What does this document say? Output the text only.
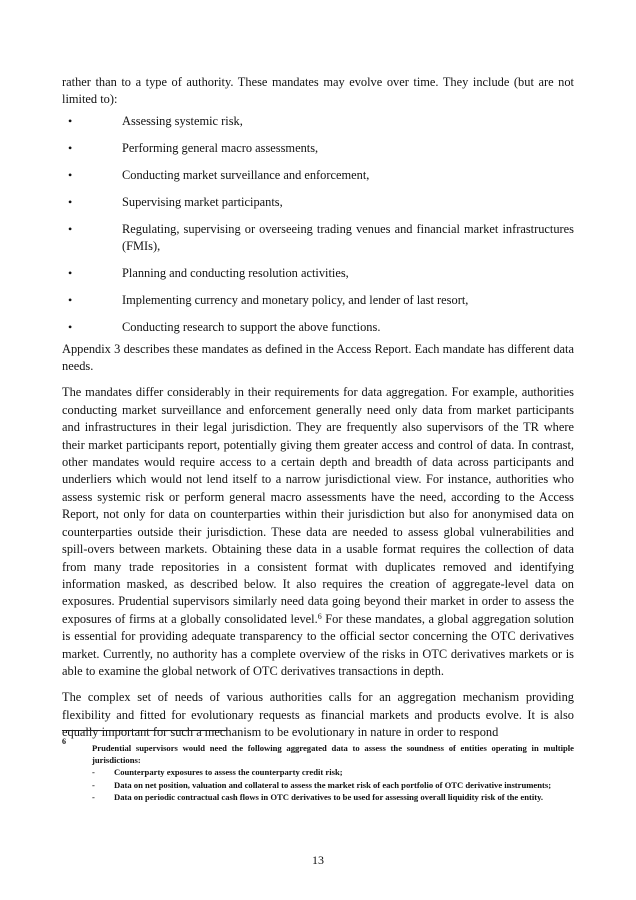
rather than to a type of authority. These mandates may evolve over time. They include (but are not limited to):

•	Assessing systemic risk,
•	Performing general macro assessments,
•	Conducting market surveillance and enforcement,
•	Supervising market participants,
•	Regulating, supervising or overseeing trading venues and financial market infrastructures (FMIs),
•	Planning and conducting resolution activities,
•	Implementing currency and monetary policy, and lender of last resort,
•	Conducting research to support the above functions.

Appendix 3 describes these mandates as defined in the Access Report. Each mandate has different data needs.

The mandates differ considerably in their requirements for data aggregation. For example, authorities conducting market surveillance and enforcement generally need only data from market participants and infrastructures in their legal jurisdiction. They are frequently also supervisors of the TR where their market participants report, potentially giving them greater access and control of data. In contrast, other mandates would require access to a certain depth and breadth of data across participants and underliers which would not lend itself to a narrow jurisdictional view. For instance, authorities who assess systemic risk or perform general macro assessments have the need, according to the Access Report, not only for data on counterparties within their jurisdiction but also for anonymised data on counterparties outside their jurisdiction. These data are needed to assess global vulnerabilities and spill-overs between markets. Obtaining these data in a usable format requires the collection of data from many trade repositories in a consistent format with duplicates removed and identifying information masked, as described below. It also requires the creation of aggregate-level data on exposures. Prudential supervisors similarly need data going beyond their market in order to assess the exposures of firms at a globally consolidated level.$^6$ For these mandates, a global aggregation solution is essential for providing adequate transparency to the official sector concerning the OTC derivatives market. Currently, no authority has a complete overview of the risks in OTC derivatives markets or is able to examine the global network of OTC derivatives transactions in depth.

The complex set of needs of various authorities calls for an aggregation mechanism providing flexibility and fitted for evolutionary requests as financial markets and products evolve. It is also equally important for such a mechanism to be evolutionary in nature in order to respond

6
Prudential supervisors would need the following aggregated data to assess the soundness of entities operating in multiple jurisdictions:
- Counterparty exposures to assess the counterparty credit risk;
- Data on net position, valuation and collateral to assess the market risk of each portfolio of OTC derivative instruments;
- Data on periodic contractual cash flows in OTC derivatives to be used for assessing overall liquidity risk of the entity.
13
